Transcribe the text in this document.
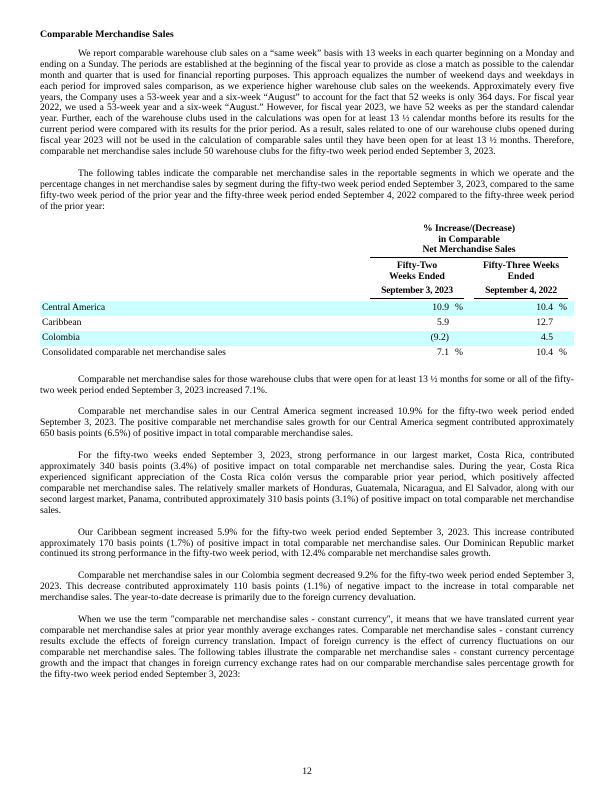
Comparable Merchandise Sales

We report comparable warehouse club sales on a “same week” basis with 13 weeks in each quarter beginning on a Monday and ending on a Sunday. The periods are established at the beginning of the fiscal year to provide as close a match as possible to the calendar month and quarter that is used for financial reporting purposes. This approach equalizes the number of weekend days and weekdays in each period for improved sales comparison, as we experience higher warehouse club sales on the weekends. Approximately every five years, the Company uses a 53-week year and a six-week “August” to account for the fact that 52 weeks is only 364 days. For fiscal year 2022, we used a 53-week year and a six-week “August.” However, for fiscal year 2023, we have 52 weeks as per the standard calendar year. Further, each of the warehouse clubs used in the calculations was open for at least 13 ½ calendar months before its results for the current period were compared with its results for the prior period. As a result, sales related to one of our warehouse clubs opened during fiscal year 2023 will not be used in the calculation of comparable sales until they have been open for at least 13 ½ months. Therefore, comparable net merchandise sales include 50 warehouse clubs for the fifty-two week period ended September 3, 2023.

The following tables indicate the comparable net merchandise sales in the reportable segments in which we operate and the percentage changes in net merchandise sales by segment during the fifty-two week period ended September 3, 2023, compared to the same fifty-two week period of the prior year and the fifty-three week period ended September 4, 2022 compared to the fifty-three week period of the prior year:

% Increase/(Decrease)
in Comparable
Net Merchandise Sales
Fifty-Two
Weeks Ended
Fifty-Three Weeks
Ended
September 3, 2023	September 4, 2022
Central America	10.9 %	10.4 %
Caribbean	5.9	12.7
Colombia	(9.2)	4.5
Consolidated comparable net merchandise sales	7.1 %	10.4 %

Comparable net merchandise sales for those warehouse clubs that were open for at least 13 ½ months for some or all of the fifty-two week period ended September 3, 2023 increased 7.1%.

Comparable net merchandise sales in our Central America segment increased 10.9% for the fifty-two week period ended September 3, 2023. The positive comparable net merchandise sales growth for our Central America segment contributed approximately 650 basis points (6.5%) of positive impact in total comparable merchandise sales.

For the fifty-two weeks ended September 3, 2023, strong performance in our largest market, Costa Rica, contributed approximately 340 basis points (3.4%) of positive impact on total comparable net merchandise sales. During the year, Costa Rica experienced significant appreciation of the Costa Rica colón versus the comparable prior year period, which positively affected comparable net merchandise sales. The relatively smaller markets of Honduras, Guatemala, Nicaragua, and El Salvador, along with our second largest market, Panama, contributed approximately 310 basis points (3.1%) of positive impact on total comparable net merchandise sales.

Our Caribbean segment increased 5.9% for the fifty-two week period ended September 3, 2023. This increase contributed approximately 170 basis points (1.7%) of positive impact in total comparable net merchandise sales. Our Dominican Republic market continued its strong performance in the fifty-two week period, with 12.4% comparable net merchandise sales growth.

Comparable net merchandise sales in our Colombia segment decreased 9.2% for the fifty-two week period ended September 3, 2023. This decrease contributed approximately 110 basis points (1.1%) of negative impact to the increase in total comparable net merchandise sales. The year-to-date decrease is primarily due to the foreign currency devaluation.

When we use the term "comparable net merchandise sales - constant currency", it means that we have translated current year comparable net merchandise sales at prior year monthly average exchanges rates. Comparable net merchandise sales - constant currency results exclude the effects of foreign currency translation. Impact of foreign currency is the effect of currency fluctuations on our comparable net merchandise sales. The following tables illustrate the comparable net merchandise sales - constant currency percentage growth and the impact that changes in foreign currency exchange rates had on our comparable merchandise sales percentage growth for the fifty-two week period ended September 3, 2023:

12
